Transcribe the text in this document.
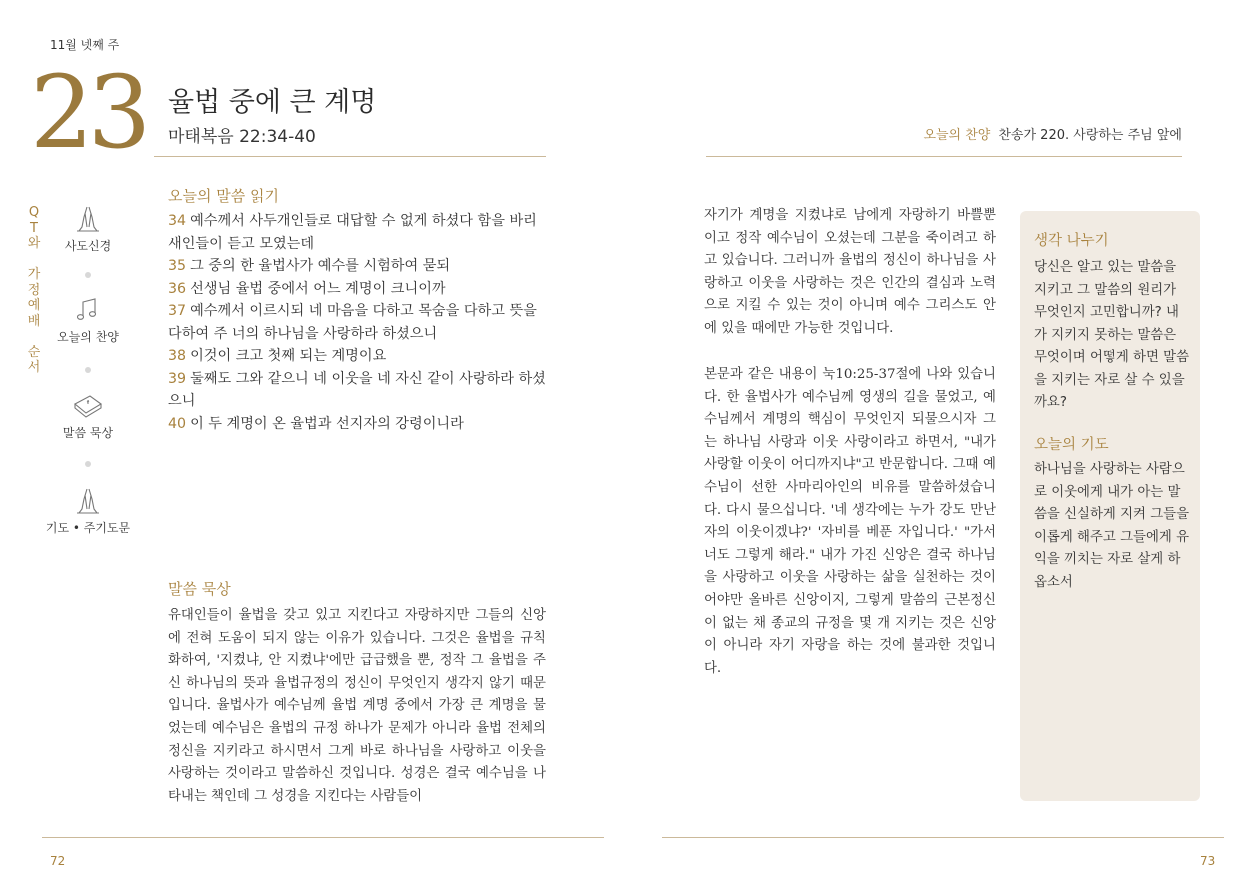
11월 넷째 주
23 율법 중에 큰 계명
마태복음 22:34-40
Q
T
와

가
정
예
배

순
서
사도신경
오늘의 찬양
말씀 묵상
기도 • 주기도문
오늘의 말씀 읽기
34 예수께서 사두개인들로 대답할 수 없게 하셨다 함을 바리새인들이 듣고 모였는데
35 그 중의 한 율법사가 예수를 시험하여 묻되
36 선생님 율법 중에서 어느 계명이 크니이까
37 예수께서 이르시되 네 마음을 다하고 목숨을 다하고 뜻을 다하여 주 너의 하나님을 사랑하라 하셨으니
38 이것이 크고 첫째 되는 계명이요
39 둘째도 그와 같으니 네 이웃을 네 자신 같이 사랑하라 하셨으니
40 이 두 계명이 온 율법과 선지자의 강령이니라
말씀 묵상
유대인들이 율법을 갖고 있고 지킨다고 자랑하지만 그들의 신앙에 전혀 도움이 되지 않는 이유가 있습니다. 그것은 율법을 규칙화하여, '지켰냐, 안 지켰냐'에만 급급했을 뿐, 정작 그 율법을 주신 하나님의 뜻과 율법규정의 정신이 무엇인지 생각지 않기 때문입니다. 율법사가 예수님께 율법 계명 중에서 가장 큰 계명을 물었는데 예수님은 율법의 규정 하나가 문제가 아니라 율법 전체의 정신을 지키라고 하시면서 그게 바로 하나님을 사랑하고 이웃을 사랑하는 것이라고 말씀하신 것입니다. 성경은 결국 예수님을 나타내는 책인데 그 성경을 지킨다는 사람들이
72
오늘의 찬양 찬송가 220. 사랑하는 주님 앞에
자기가 계명을 지켰냐로 남에게 자랑하기 바쁠뿐이고 정작 예수님이 오셨는데 그분을 죽이려고 하고 있습니다. 그러니까 율법의 정신이 하나님을 사랑하고 이웃을 사랑하는 것은 인간의 결심과 노력으로 지킬 수 있는 것이 아니며 예수 그리스도 안에 있을 때에만 가능한 것입니다.
본문과 같은 내용이 눅10:25-37절에 나와 있습니다. 한 율법사가 예수님께 영생의 길을 물었고, 예수님께서 계명의 핵심이 무엇인지 되물으시자 그는 하나님 사랑과 이웃 사랑이라고 하면서, "내가 사랑할 이웃이 어디까지냐"고 반문합니다. 그때 예수님이 선한 사마리아인의 비유를 말씀하셨습니다. 다시 물으십니다. '네 생각에는 누가 강도 만난 자의 이웃이겠냐?' '자비를 베푼 자입니다.' "가서 너도 그렇게 해라." 내가 가진 신앙은 결국 하나님을 사랑하고 이웃을 사랑하는 삶을 실천하는 것이어야만 올바른 신앙이지, 그렇게 말씀의 근본정신이 없는 채 종교의 규정을 몇 개 지키는 것은 신앙이 아니라 자기 자랑을 하는 것에 불과한 것입니다.
생각 나누기
당신은 알고 있는 말씀을 지키고 그 말씀의 원리가 무엇인지 고민합니까? 내가 지키지 못하는 말씀은 무엇이며 어떻게 하면 말씀을 지키는 자로 살 수 있을까요?
오늘의 기도
하나님을 사랑하는 사람으로 이웃에게 내가 아는 말씀을 신실하게 지켜 그들을 이롭게 해주고 그들에게 유익을 끼치는 자로 살게 하옵소서
73
